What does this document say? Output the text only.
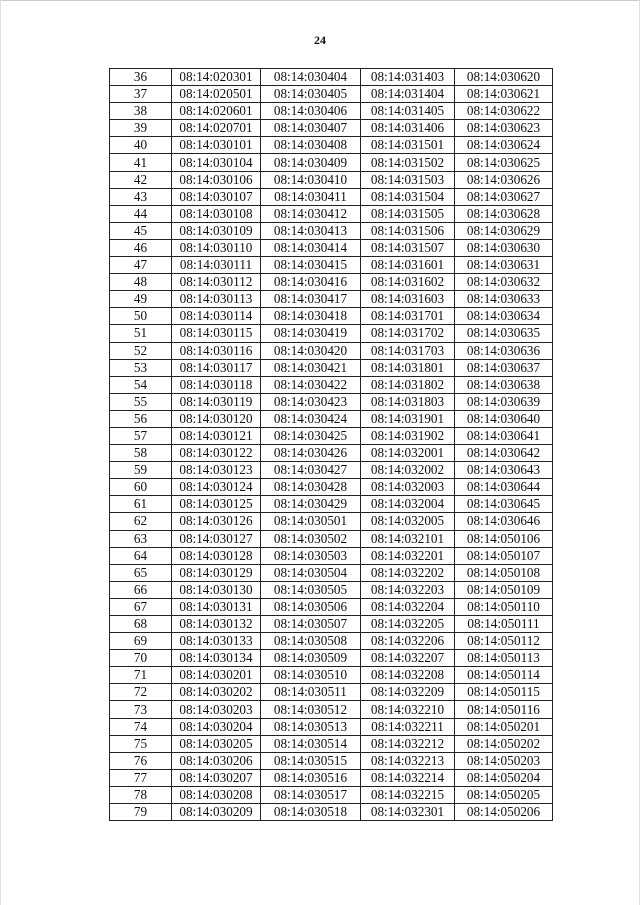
24
36	08:14:020301	08:14:030404	08:14:031403	08:14:030620
37	08:14:020501	08:14:030405	08:14:031404	08:14:030621
38	08:14:020601	08:14:030406	08:14:031405	08:14:030622
39	08:14:020701	08:14:030407	08:14:031406	08:14:030623
40	08:14:030101	08:14:030408	08:14:031501	08:14:030624
41	08:14:030104	08:14:030409	08:14:031502	08:14:030625
42	08:14:030106	08:14:030410	08:14:031503	08:14:030626
43	08:14:030107	08:14:030411	08:14:031504	08:14:030627
44	08:14:030108	08:14:030412	08:14:031505	08:14:030628
45	08:14:030109	08:14:030413	08:14:031506	08:14:030629
46	08:14:030110	08:14:030414	08:14:031507	08:14:030630
47	08:14:030111	08:14:030415	08:14:031601	08:14:030631
48	08:14:030112	08:14:030416	08:14:031602	08:14:030632
49	08:14:030113	08:14:030417	08:14:031603	08:14:030633
50	08:14:030114	08:14:030418	08:14:031701	08:14:030634
51	08:14:030115	08:14:030419	08:14:031702	08:14:030635
52	08:14:030116	08:14:030420	08:14:031703	08:14:030636
53	08:14:030117	08:14:030421	08:14:031801	08:14:030637
54	08:14:030118	08:14:030422	08:14:031802	08:14:030638
55	08:14:030119	08:14:030423	08:14:031803	08:14:030639
56	08:14:030120	08:14:030424	08:14:031901	08:14:030640
57	08:14:030121	08:14:030425	08:14:031902	08:14:030641
58	08:14:030122	08:14:030426	08:14:032001	08:14:030642
59	08:14:030123	08:14:030427	08:14:032002	08:14:030643
60	08:14:030124	08:14:030428	08:14:032003	08:14:030644
61	08:14:030125	08:14:030429	08:14:032004	08:14:030645
62	08:14:030126	08:14:030501	08:14:032005	08:14:030646
63	08:14:030127	08:14:030502	08:14:032101	08:14:050106
64	08:14:030128	08:14:030503	08:14:032201	08:14:050107
65	08:14:030129	08:14:030504	08:14:032202	08:14:050108
66	08:14:030130	08:14:030505	08:14:032203	08:14:050109
67	08:14:030131	08:14:030506	08:14:032204	08:14:050110
68	08:14:030132	08:14:030507	08:14:032205	08:14:050111
69	08:14:030133	08:14:030508	08:14:032206	08:14:050112
70	08:14:030134	08:14:030509	08:14:032207	08:14:050113
71	08:14:030201	08:14:030510	08:14:032208	08:14:050114
72	08:14:030202	08:14:030511	08:14:032209	08:14:050115
73	08:14:030203	08:14:030512	08:14:032210	08:14:050116
74	08:14:030204	08:14:030513	08:14:032211	08:14:050201
75	08:14:030205	08:14:030514	08:14:032212	08:14:050202
76	08:14:030206	08:14:030515	08:14:032213	08:14:050203
77	08:14:030207	08:14:030516	08:14:032214	08:14:050204
78	08:14:030208	08:14:030517	08:14:032215	08:14:050205
79	08:14:030209	08:14:030518	08:14:032301	08:14:050206
